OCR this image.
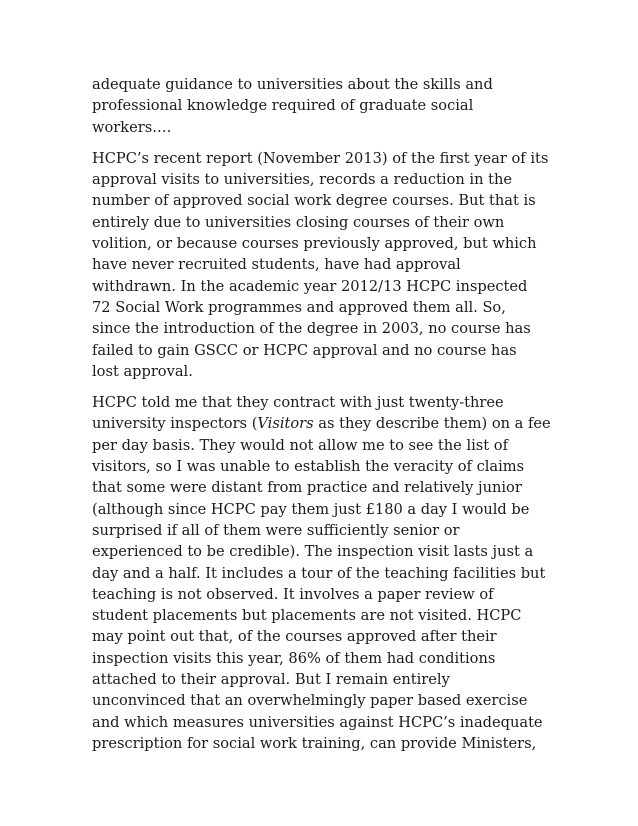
adequate guidance to universities about the skills and
professional knowledge required of graduate social
workers.…

HCPC’s recent report (November 2013) of the first year of its
approval visits to universities, records a reduction in the
number of approved social work degree courses. But that is
entirely due to universities closing courses of their own
volition, or because courses previously approved, but which
have never recruited students, have had approval
withdrawn. In the academic year 2012/13 HCPC inspected
72 Social Work programmes and approved them all. So,
since the introduction of the degree in 2003, no course has
failed to gain GSCC or HCPC approval and no course has
lost approval.

HCPC told me that they contract with just twenty-three
university inspectors (Visitors as they describe them) on a fee
per day basis. They would not allow me to see the list of
visitors, so I was unable to establish the veracity of claims
that some were distant from practice and relatively junior
(although since HCPC pay them just £180 a day I would be
surprised if all of them were sufficiently senior or
experienced to be credible). The inspection visit lasts just a
day and a half. It includes a tour of the teaching facilities but
teaching is not observed. It involves a paper review of
student placements but placements are not visited. HCPC
may point out that, of the courses approved after their
inspection visits this year, 86% of them had conditions
attached to their approval. But I remain entirely
unconvinced that an overwhelmingly paper based exercise
and which measures universities against HCPC’s inadequate
prescription for social work training, can provide Ministers,
